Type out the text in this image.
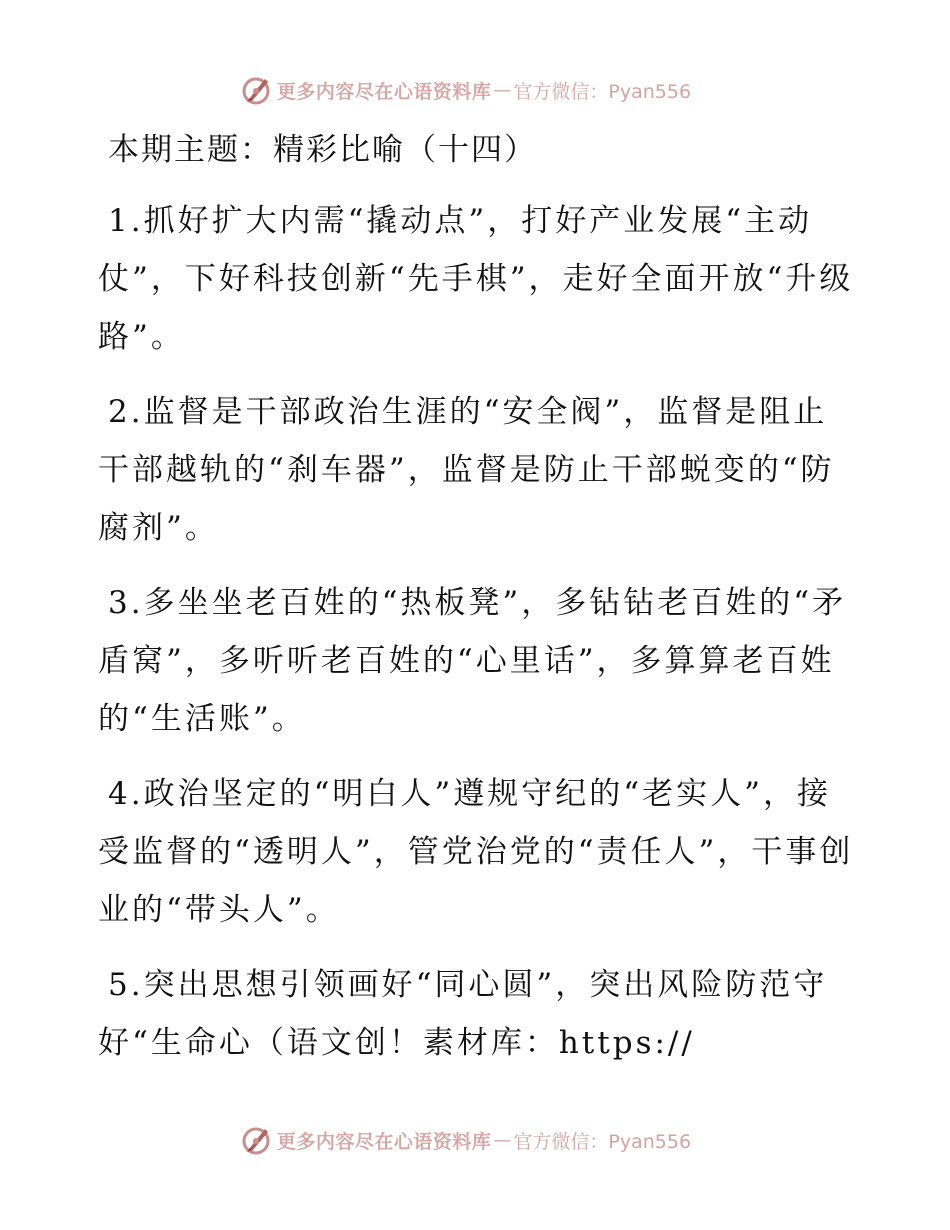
更多内容尽在心语资料库 — 官方微信：Pyan556
本期主题：精彩比喻（十四）
1.抓好扩大内需“撬动点”，打好产业发展“主动仗”，下好科技创新“先手棋”，走好全面开放“升级路”。
2.监督是干部政治生涯的“安全阀”，监督是阻止干部越轨的“刹车器”，监督是防止干部蜕变的“防腐剂”。
3.多坐坐老百姓的“热板凳”，多钻钻老百姓的“矛盾窝”，多听听老百姓的“心里话”，多算算老百姓的“生活账”。
4.政治坚定的“明白人”遵规守纪的“老实人”，接受监督的“透明人”，管党治党的“责任人”，干事创业的“带头人”。
5.突出思想引领画好“同心圆”，突出风险防范守好“生命心（语文创！素材库：https://
更多内容尽在心语资料库 — 官方微信：Pyan556
